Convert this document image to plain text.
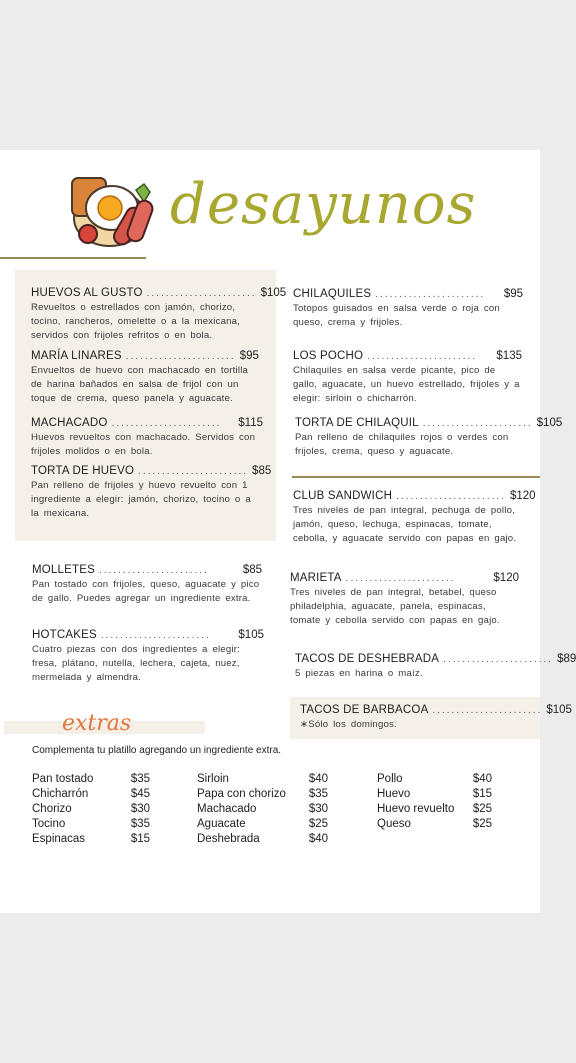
desayunos
HUEVOS AL GUSTO ....................... $105
Revueltos o estrellados con jamón, chorizo, tocino, rancheros, omelette o a la mexicana, servidos con frijoles refritos o en bola.
MARÍA LINARES ....................... $95
Envueltos de huevo con machacado en tortilla de harina bañados en salsa de frijol con un toque de crema, queso panela y aguacate.
MACHACADO .......................	$115
Huevos revueltos con machacado. Servidos con frijoles molidos o en bola.
TORTA DE HUEVO ....................... $85
Pan relleno de frijoles y huevo revuelto con 1 ingrediente a elegir: jamón, chorizo, tocino o a la mexicana.
MOLLETES .......................	$85
Pan tostado con frijoles, queso, aguacate y pico de gallo. Puedes agregar un ingrediente extra.
HOTCAKES .......................	$105
Cuatro piezas con dos ingredientes a elegir: fresa, plátano, nutella, lechera, cajeta, nuez, mermelada y almendra.
CHILAQUILES .......................	$95
Totopos guisados en salsa verde o roja con queso, crema y frijoles.
LOS POCHO .......................	$135
Chilaquiles en salsa verde picante, pico de gallo, aguacate, un huevo estrellado, frijoles y a elegir: sirloin o chicharrón.
TORTA DE CHILAQUIL ....................... $105
Pan relleno de chilaquiles rojos o verdes con frijoles, crema, queso y aguacate.
CLUB SANDWICH ....................... $120
Tres niveles de pan integral, pechuga de pollo, jamón, queso, lechuga, espinacas, tomate, cebolla, y aguacate servido con papas en gajo.
MARIETA .......................	$120
Tres niveles de pan integral, betabel, queso philadelphia, aguacate, panela, espinacas, tomate y cebolla servido con papas en gajo.
TACOS DE DESHEBRADA ....................... $89
5 piezas en harina o maíz.
TACOS DE BARBACOA ....................... $105
∗Sólo los domingos.
extras
Complementa tu platillo agregando un ingrediente extra.
Pan tostado	$35
Chicharrón	$45
Chorizo	$30
Tocino	$35
Espinacas	$15
Sirloin	$40
Papa con chorizo $35
Machacado	$30
Aguacate	$25
Deshebrada	$40
Pollo	$40
Huevo	$15
Huevo revuelto $25
Queso	$25
